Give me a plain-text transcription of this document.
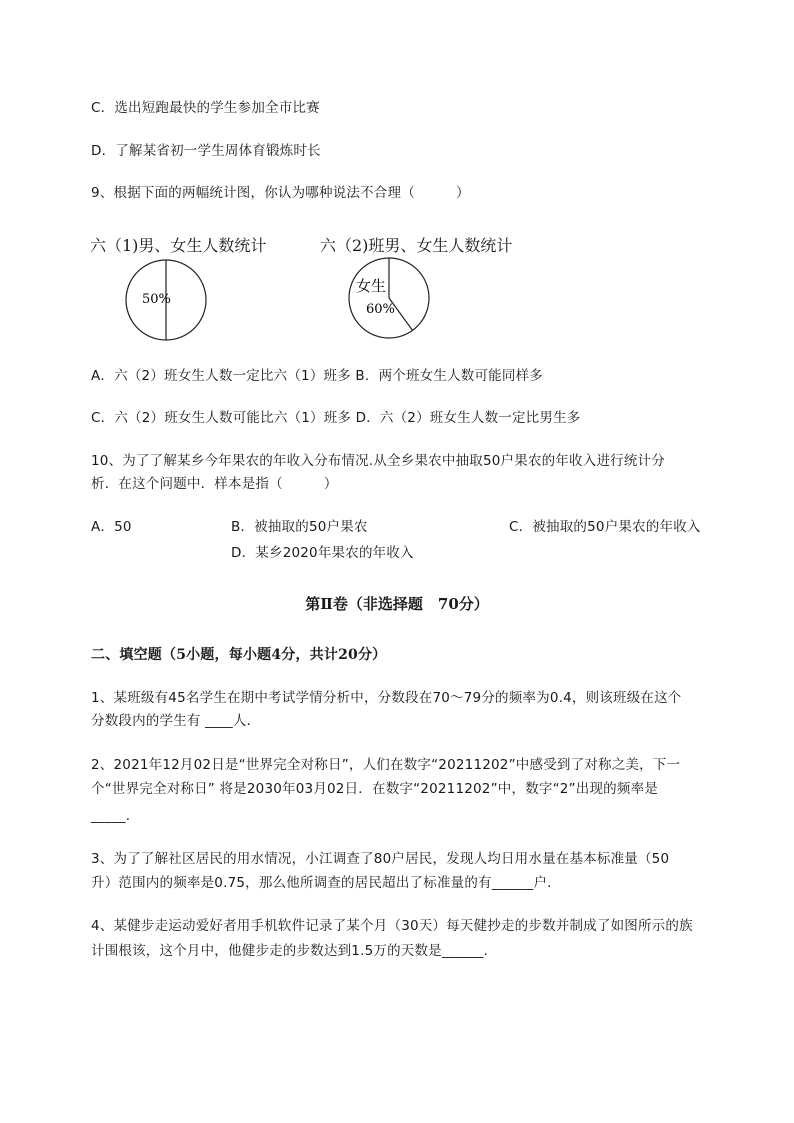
C．选出短跑最快的学生参加全市比赛
D．了解某省初一学生周体育锻炼时长
9、根据下面的两幅统计图，你认为哪种说法不合理（　　　）
六（1)男、女生人数统计
50%
六（2)班男、女生人数统计
女生
60%
A．六（2）班女生人数一定比六（1）班多 B．两个班女生人数可能同样多
C．六（2）班女生人数可能比六（1）班多 D．六（2）班女生人数一定比男生多
10、为了了解某乡今年果农的年收入分布情况.从全乡果农中抽取50户果农的年收入进行统计分
析．在这个问题中．样本是指（　　　）
A．50	B．被抽取的50户果农	C．被抽取的50户果农的年收入
D．某乡2020年果农的年收入
第Ⅱ卷（非选择题　70分）
二、填空题（5小题，每小题4分，共计20分）
1、某班级有45名学生在期中考试学情分析中，分数段在70～79分的频率为0.4，则该班级在这个
分数段内的学生有 ____人．
2、2021年12月02日是“世界完全对称日”，人们在数字“20211202”中感受到了对称之美，下一
个“世界完全对称日” 将是2030年03月02日．在数字“20211202”中，数字“2”出现的频率是
_____.
3、为了了解社区居民的用水情况，小江调查了80户居民，发现人均日用水量在基本标准量（50
升）范围内的频率是0.75，那么他所调查的居民超出了标准量的有______户．
4、某健步走运动爱好者用手机软件记录了某个月（30天）每天健抄走的步数并制成了如图所示的族
计围根该，这个月中，他健步走的步数达到1.5万的天数是______.
